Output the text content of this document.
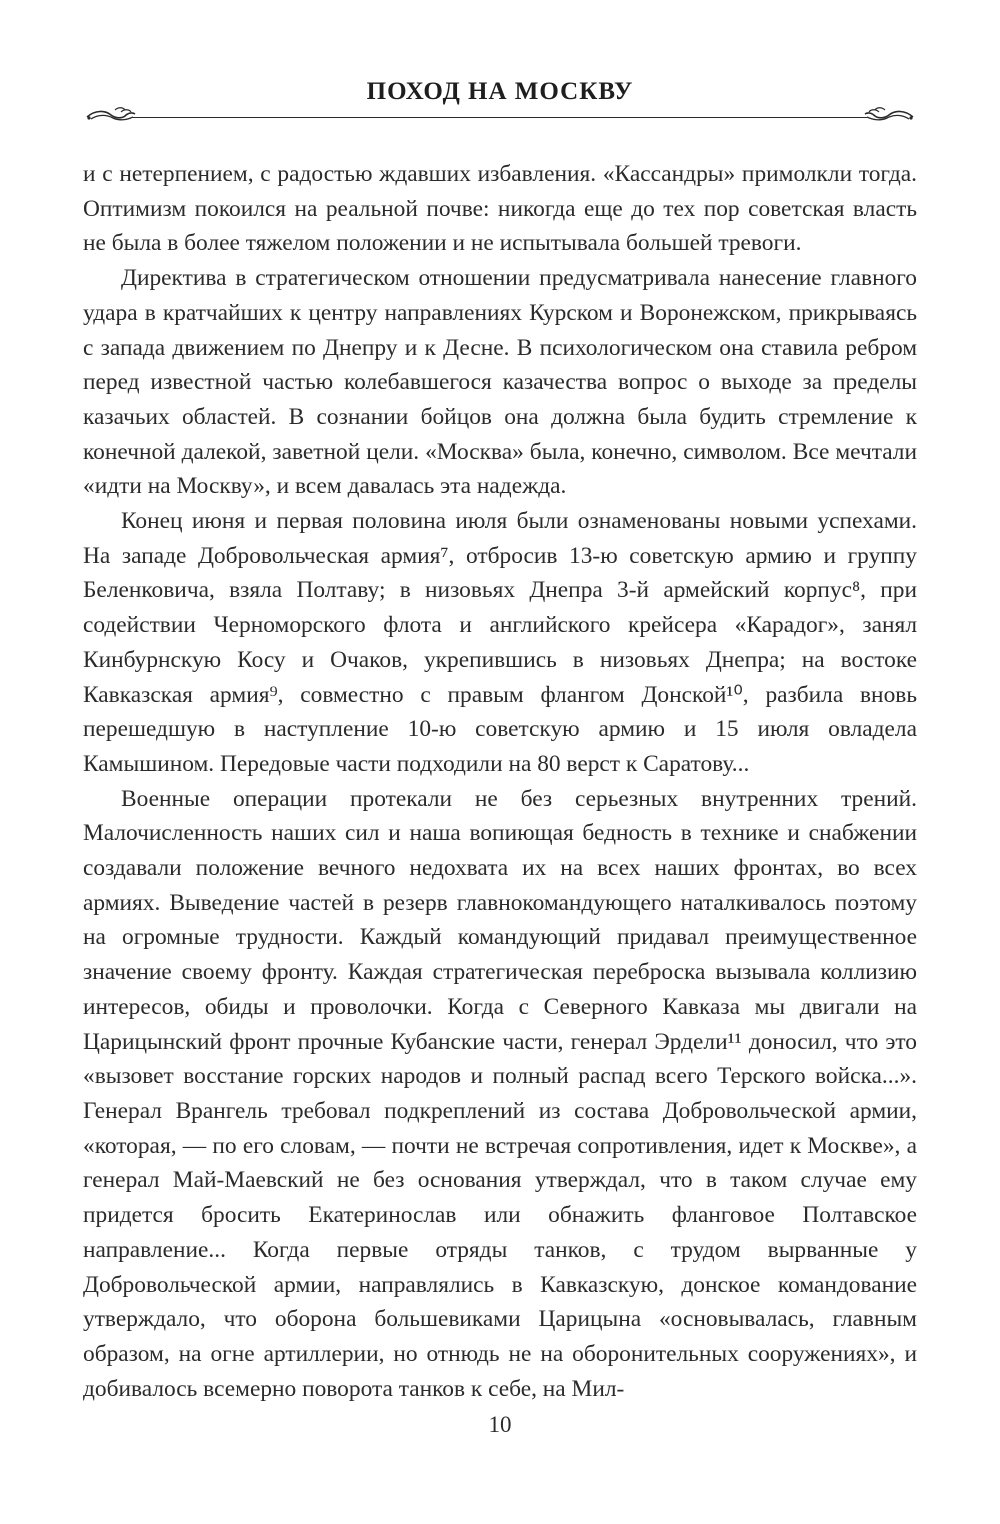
ПОХОД НА МОСКВУ

и с нетерпением, с радостью ждавших избавления. «Кассандры» примолкли тогда. Оптимизм покоился на реальной почве: никогда еще до тех пор советская власть не была в более тяжелом положении и не испытывала большей тревоги.

Директива в стратегическом отношении предусматривала нанесение главного удара в кратчайших к центру направлениях Курском и Воронежском, прикрываясь с запада движением по Днепру и к Десне. В психологическом она ставила ребром перед известной частью колебавшегося казачества вопрос о выходе за пределы казачьих областей. В сознании бойцов она должна была будить стремление к конечной далекой, заветной цели. «Москва» была, конечно, символом. Все мечтали «идти на Москву», и всем давалась эта надежда.

Конец июня и первая половина июля были ознаменованы новыми успехами. На западе Добровольческая армия⁷, отбросив 13-ю советскую армию и группу Беленковича, взяла Полтаву; в низовьях Днепра 3-й армейский корпус⁸, при содействии Черноморского флота и английского крейсера «Карадог», занял Кинбурнскую Косу и Очаков, укрепившись в низовьях Днепра; на востоке Кавказская армия⁹, совместно с правым флангом Донской¹⁰, разбила вновь перешедшую в наступление 10-ю советскую армию и 15 июля овладела Камышином. Передовые части подходили на 80 верст к Саратову...

Военные операции протекали не без серьезных внутренних трений. Малочисленность наших сил и наша вопиющая бедность в технике и снабжении создавали положение вечного недохвата их на всех наших фронтах, во всех армиях. Выведение частей в резерв главнокомандующего наталкивалось поэтому на огромные трудности. Каждый командующий придавал преимущественное значение своему фронту. Каждая стратегическая переброска вызывала коллизию интересов, обиды и проволочки. Когда с Северного Кавказа мы двигали на Царицынский фронт прочные Кубанские части, генерал Эрдели¹¹ доносил, что это «вызовет восстание горских народов и полный распад всего Терского войска...». Генерал Врангель требовал подкреплений из состава Добровольческой армии, «которая, — по его словам, — почти не встречая сопротивления, идет к Москве», а генерал Май-Маевский не без основания утверждал, что в таком случае ему придется бросить Екатеринослав или обнажить фланговое Полтавское направление... Когда первые отряды танков, с трудом вырванные у Добровольческой армии, направлялись в Кавказскую, донское командование утверждало, что оборона большевиками Царицына «основывалась, главным образом, на огне артиллерии, но отнюдь не на оборонительных сооружениях», и добивалось всемерно поворота танков к себе, на Мил-

10
